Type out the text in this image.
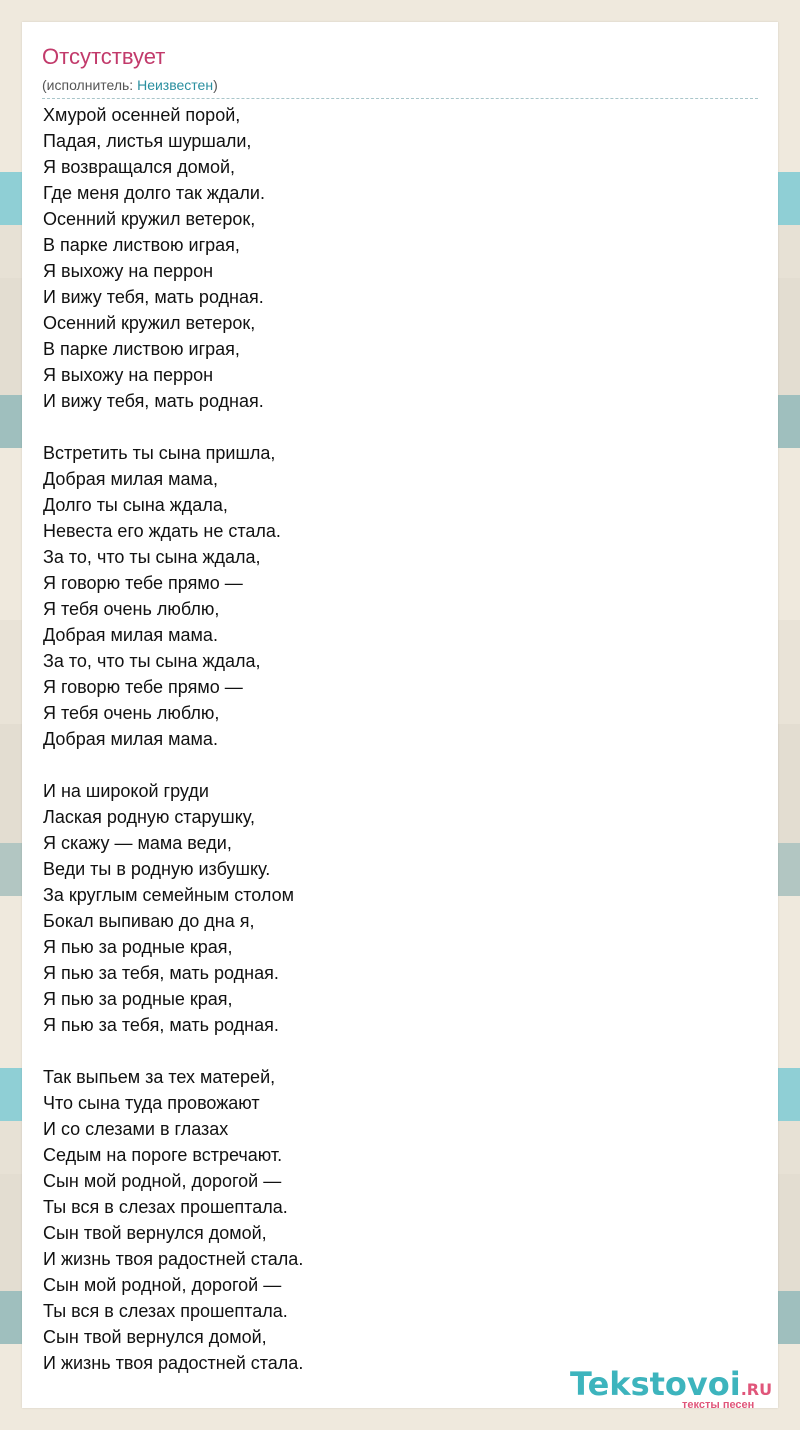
Отсутствует
(исполнитель: Неизвестен)
Хмурой осенней порой,
Падая, листья шуршали,
Я возвращался домой,
Где меня долго так ждали.
Осенний кружил ветерок,
В парке листвою играя,
Я выхожу на перрон
И вижу тебя, мать родная.
Осенний кружил ветерок,
В парке листвою играя,
Я выхожу на перрон
И вижу тебя, мать родная.
Встретить ты сына пришла,
Добрая милая мама,
Долго ты сына ждала,
Невеста его ждать не стала.
За то, что ты сына ждала,
Я говорю тебе прямо —
Я тебя очень люблю,
Добрая милая мама.
За то, что ты сына ждала,
Я говорю тебе прямо —
Я тебя очень люблю,
Добрая милая мама.
И на широкой груди
Лаская родную старушку,
Я скажу — мама веди,
Веди ты в родную избушку.
За круглым семейным столом
Бокал выпиваю до дна я,
Я пью за родные края,
Я пью за тебя, мать родная.
Я пью за родные края,
Я пью за тебя, мать родная.
Так выпьем за тех матерей,
Что сына туда провожают
И со слезами в глазах
Седым на пороге встречают.
Сын мой родной, дорогой —
Ты вся в слезах прошептала.
Сын твой вернулся домой,
И жизнь твоя радостней стала.
Сын мой родной, дорогой —
Ты вся в слезах прошептала.
Сын твой вернулся домой,
И жизнь твоя радостней стала.
Tekstovoi.RU
тексты песен
